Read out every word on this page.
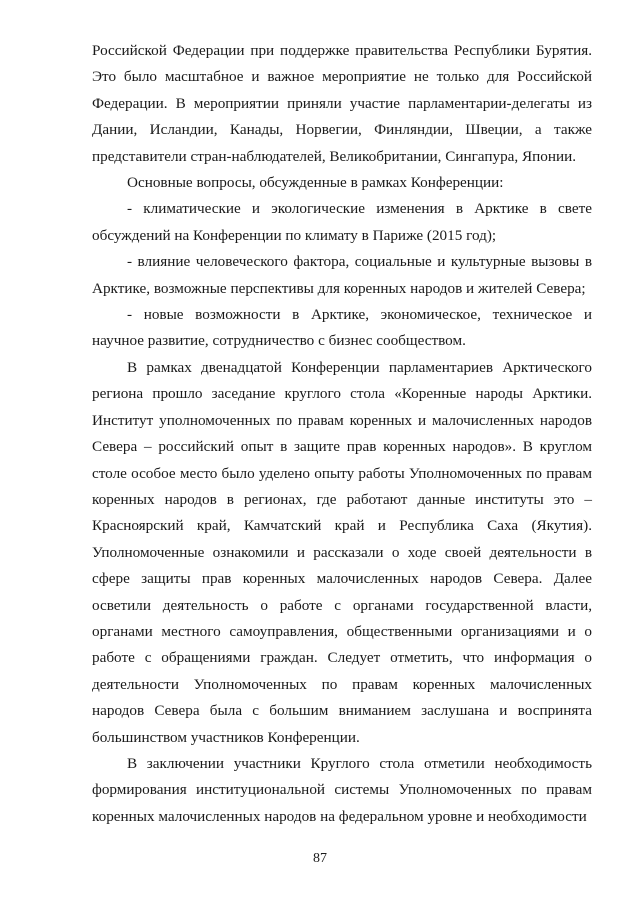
Российской Федерации при поддержке правительства Республики Бурятия. Это было масштабное и важное мероприятие не только для Российской Федерации. В мероприятии приняли участие парламентарии-делегаты из Дании, Исландии, Канады, Норвегии, Финляндии, Швеции, а также представители стран-наблюдателей, Великобритании, Сингапура, Японии.

Основные вопросы, обсужденные в рамках Конференции:

- климатические и экологические изменения в Арктике в свете обсуждений на Конференции по климату в Париже (2015 год);

- влияние человеческого фактора, социальные и культурные вызовы в Арктике, возможные перспективы для коренных народов и жителей Севера;

- новые возможности в Арктике, экономическое, техническое и научное развитие, сотрудничество с бизнес сообществом.

В рамках двенадцатой Конференции парламентариев Арктического региона прошло заседание круглого стола «Коренные народы Арктики. Институт уполномоченных по правам коренных и малочисленных народов Севера – российский опыт в защите прав коренных народов». В круглом столе особое место было уделено опыту работы Уполномоченных по правам коренных народов в регионах, где работают данные институты это – Красноярский край, Камчатский край и Республика Саха (Якутия). Уполномоченные ознакомили и рассказали о ходе своей деятельности в сфере защиты прав коренных малочисленных народов Севера. Далее осветили деятельность о работе с органами государственной власти, органами местного самоуправления, общественными организациями и о работе с обращениями граждан. Следует отметить, что информация о деятельности Уполномоченных по правам коренных малочисленных народов Севера была с большим вниманием заслушана и воспринята большинством участников Конференции.

В заключении участники Круглого стола отметили необходимость формирования институциональной системы Уполномоченных по правам коренных малочисленных народов на федеральном уровне и необходимости

87
